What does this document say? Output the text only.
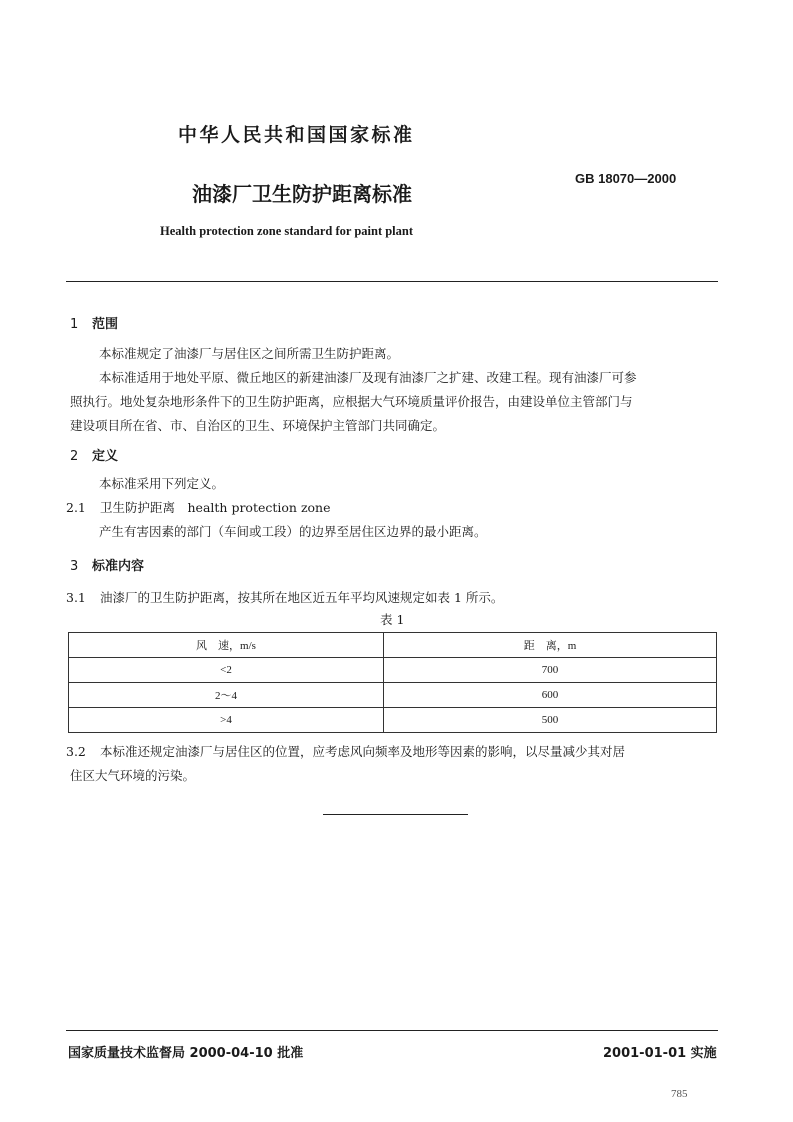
中华人民共和国国家标准
GB 18070—2000
油漆厂卫生防护距离标准
Health protection zone standard for paint plant
1 范围
本标准规定了油漆厂与居住区之间所需卫生防护距离。
本标准适用于地处平原、微丘地区的新建油漆厂及现有油漆厂之扩建、改建工程。现有油漆厂可参
照执行。地处复杂地形条件下的卫生防护距离，应根据大气环境质量评价报告，由建设单位主管部门与
建设项目所在省、市、自治区的卫生、环境保护主管部门共同确定。
2 定义
本标准采用下列定义。
2.1 卫生防护距离　health protection zone
产生有害因素的部门（车间或工段）的边界至居住区边界的最小距离。
3 标准内容
3.1 油漆厂的卫生防护距离，按其所在地区近五年平均风速规定如表 1 所示。
表 1
风　速，m/s	距　离，m
<2	700
2～4	600
>4	500
3.2 本标准还规定油漆厂与居住区的位置，应考虑风向频率及地形等因素的影响，以尽量减少其对居
住区大气环境的污染。
国家质量技术监督局 2000-04-10 批准	2001-01-01 实施
785
